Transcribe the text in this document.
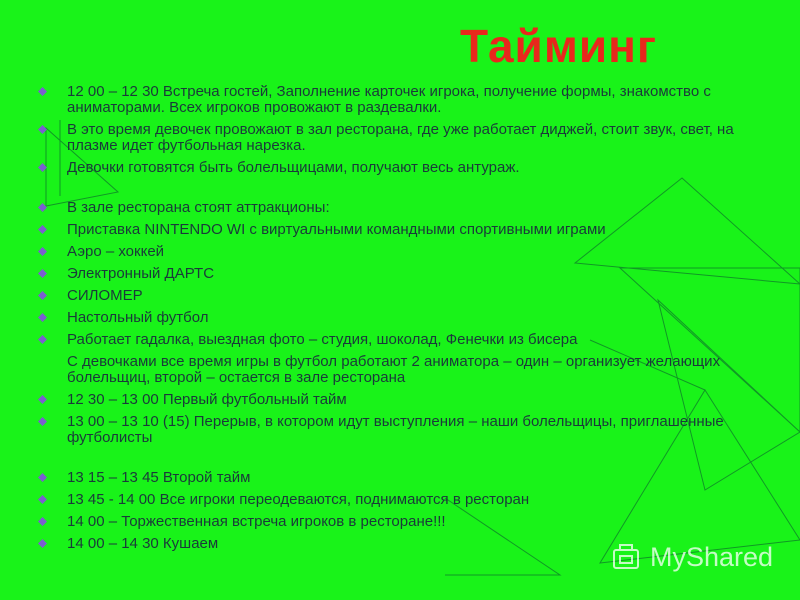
Тайминг
12 00 – 12 30 Встреча гостей, Заполнение карточек игрока, получение формы, знакомство с аниматорами. Всех игроков провожают в раздевалки.
В это время девочек провожают в зал ресторана, где уже работает диджей, стоит звук, свет, на плазме идет футбольная нарезка.
Девочки готовятся быть болельщицами, получают весь антураж.
В зале ресторана стоят аттракционы:
Приставка NINTENDO WI с виртуальными командными спортивными играми
Аэро – хоккей
Электронный ДАРТС
СИЛОМЕР
Настольный футбол
Работает гадалка, выездная фото – студия, шоколад, Фенечки из бисера
С девочками все время игры в футбол работают 2 аниматора – один – организует желающих болельщиц, второй – остается в зале ресторана
12 30 – 13 00 Первый футбольный тайм
13 00 – 13 10 (15) Перерыв, в котором идут выступления – наши болельщицы, приглашенные футболисты
13 15 – 13 45 Второй тайм
13 45 - 14 00 Все игроки переодеваются, поднимаются в ресторан
14 00 – Торжественная встреча игроков в ресторане!!!
14 00 – 14 30 Кушаем	MyShared
